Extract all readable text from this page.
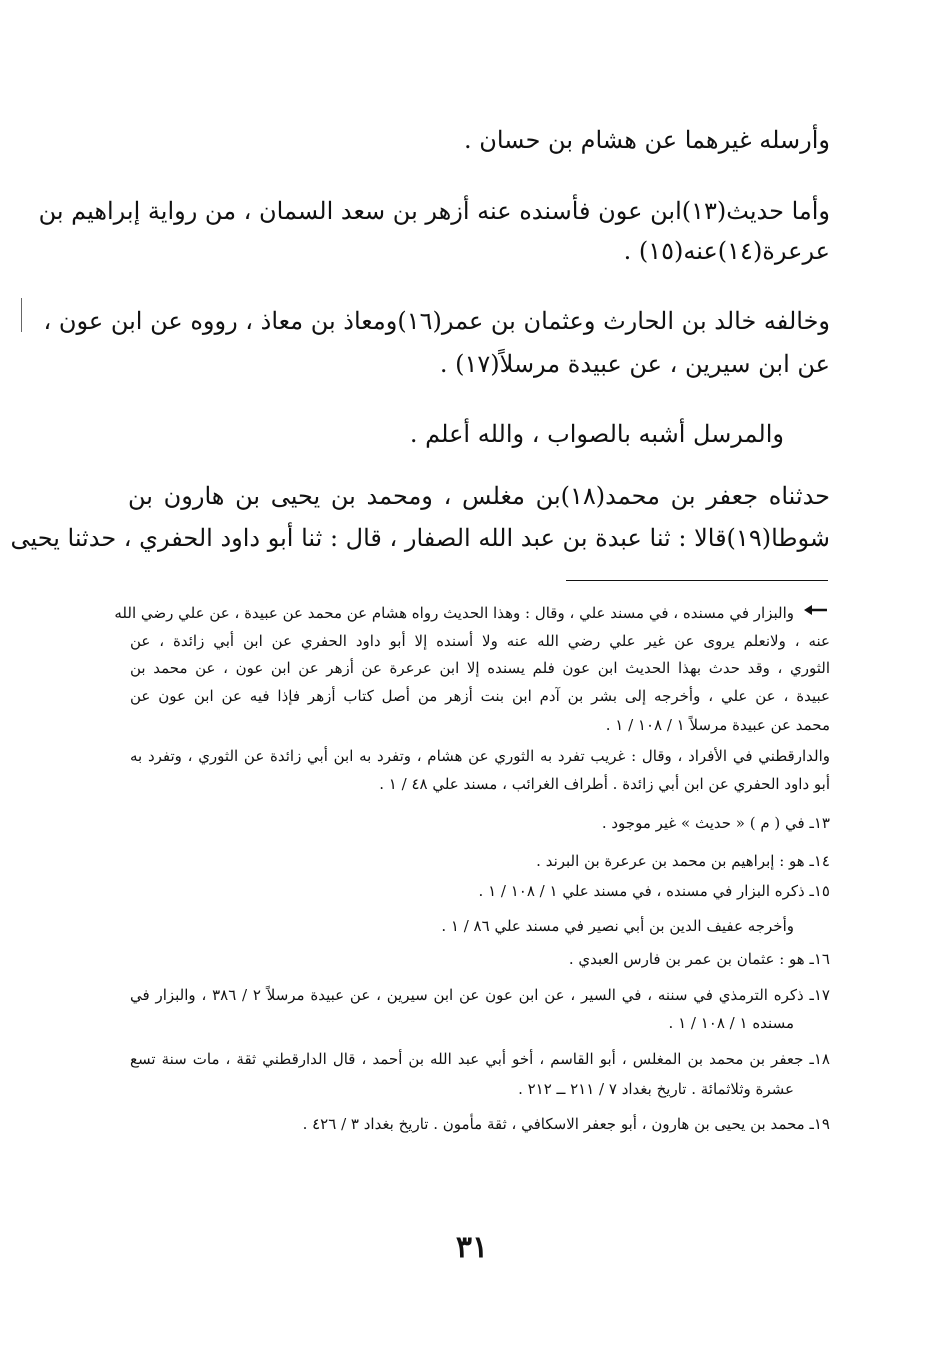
وأرسله غيرهما عن هشام بن حسان .
وأما حديث(١٣)ابن عون فأسنده عنه أزهر بن سعد السمان ، من رواية إبراهيم بن
عرعرة(١٤)عنه(١٥) .
وخالفه خالد بن الحارث وعثمان بن عمر(١٦)ومعاذ بن معاذ ، رووه عن ابن عون ،
عن ابن سيرين ، عن عبيدة مرسلاً(١٧) .
والمرسل أشبه بالصواب ، والله أعلم .
حدثناه جعفر بن محمد(١٨)بن مغلس ، ومحمد بن يحيى بن هارون بن
شوطا(١٩)قالا : ثنا عبدة بن عبد الله الصفار ، قال : ثنا أبو داود الحفري ، حدثنا يحيى
والبزار في مسنده ، في مسند علي ، وقال : وهذا الحديث رواه هشام عن محمد عن عبيدة ، عن علي رضي الله
عنه ، ولانعلم يروى عن غير علي رضي الله عنه ولا أسنده إلا أبو داود الحفري عن ابن أبي زائدة ، عن
الثوري ، وقد حدث بهذا الحديث ابن عون فلم يسنده إلا ابن عرعرة عن أزهر عن ابن عون ، عن محمد بن
عبيدة ، عن علي ، وأخرجه إلى بشر بن آدم ابن بنت أزهر من أصل كتاب أزهر فإذا فيه عن ابن عون عن
محمد عن عبيدة مرسلاً ١ / ١٠٨ / ١ .
والدارقطني في الأفراد ، وقال : غريب تفرد به الثوري عن هشام ، وتفرد به ابن أبي زائدة عن الثوري ، وتفرد به
أبو داود الحفري عن ابن أبي زائدة . أطراف الغرائب ، مسند علي ٤٨ / ١ .
١٣ـ في ( م ) « حديث » غير موجود .
١٤ـ هو : إبراهيم بن محمد بن عرعرة بن البرند .
١٥ـ ذكره البزار في مسنده ، في مسند علي ١ / ١٠٨ / ١ .
وأخرجه عفيف الدين بن أبي نصير في مسند علي ٨٦ / ١ .
١٦ـ هو : عثمان بن عمر بن فارس العبدي .
١٧ـ ذكره الترمذي في سننه ، في السير ، عن ابن عون عن ابن سيرين ، عن عبيدة مرسلاً ٢ / ٣٨٦ ، والبزار في
مسنده ١ / ١٠٨ / ١ .
١٨ـ جعفر بن محمد بن المغلس ، أبو القاسم ، أخو أبي عبد الله بن أحمد ، قال الدارقطني ثقة ، مات سنة تسع
عشرة وثلاثمائة . تاريخ بغداد ٧ / ٢١١ ــ ٢١٢ .
١٩ـ محمد بن يحيى بن هارون ، أبو جعفر الاسكافي ، ثقة مأمون . تاريخ بغداد ٣ / ٤٢٦ .
٣١
